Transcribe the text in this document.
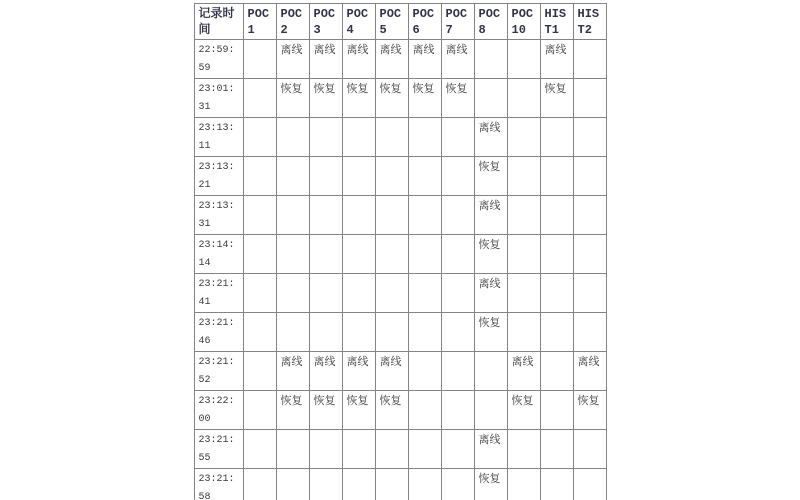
记录时间	POC 1	POC 2	POC 3	POC 4	POC 5	POC 6	POC 7	POC 8	POC 10	HIS T1	HIS T2
22:59:59		离线	离线	离线	离线	离线	离线			离线	
23:01:31		恢复	恢复	恢复	恢复	恢复	恢复			恢复	
23:13:11								离线			
23:13:21								恢复			
23:13:31								离线			
23:14:14								恢复			
23:21:41								离线			
23:21:46								恢复			
23:21:52		离线	离线	离线	离线				离线		离线
23:22:00		恢复	恢复	恢复	恢复				恢复		恢复
23:21:55								离线			
23:21:58								恢复			
